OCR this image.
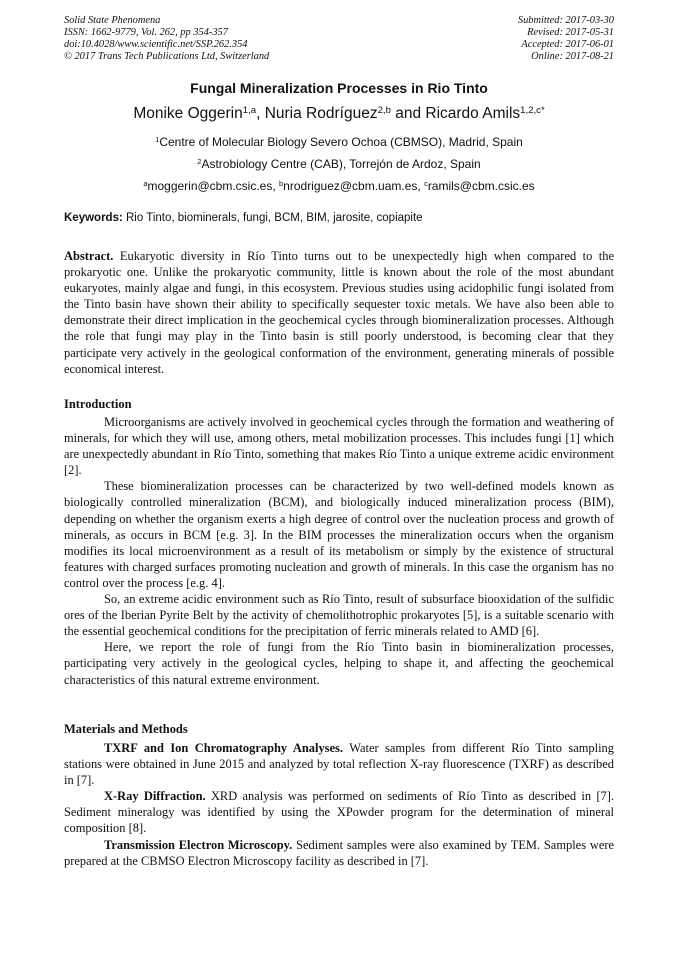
Solid State Phenomena
ISSN: 1662-9779, Vol. 262, pp 354-357
doi:10.4028/www.scientific.net/SSP.262.354
© 2017 Trans Tech Publications Ltd, Switzerland
Submitted: 2017-03-30
Revised: 2017-05-31
Accepted: 2017-06-01
Online: 2017-08-21
Fungal Mineralization Processes in Rio Tinto
Monike Oggerin$^{1,a}$, Nuria Rodríguez$^{2,b}$ and Ricardo Amils$^{1,2,c*}$
$^1$Centre of Molecular Biology Severo Ochoa (CBMSO), Madrid, Spain
$^2$Astrobiology Centre (CAB), Torrejón de Ardoz, Spain
$^a$moggerin@cbm.csic.es, $^b$nrodriguez@cbm.uam.es, $^c$ramils@cbm.csic.es
Keywords: Rio Tinto, biominerals, fungi, BCM, BIM, jarosite, copiapite

Abstract. Eukaryotic diversity in Río Tinto turns out to be unexpectedly high when compared to the prokaryotic one. Unlike the prokaryotic community, little is known about the role of the most abundant eukaryotes, mainly algae and fungi, in this ecosystem. Previous studies using acidophilic fungi isolated from the Tinto basin have shown their ability to specifically sequester toxic metals. We have also been able to demonstrate their direct implication in the geochemical cycles through biomineralization processes. Although the role that fungi may play in the Tinto basin is still poorly understood, is becoming clear that they participate very actively in the geological conformation of the environment, generating minerals of possible economical interest.

Introduction

Microorganisms are actively involved in geochemical cycles through the formation and weathering of minerals, for which they will use, among others, metal mobilization processes. This includes fungi [1] which are unexpectedly abundant in Río Tinto, something that makes Río Tinto a unique extreme acidic environment [2].

These biomineralization processes can be characterized by two well-defined models known as biologically controlled mineralization (BCM), and biologically induced mineralization process (BIM), depending on whether the organism exerts a high degree of control over the nucleation process and growth of minerals, as occurs in BCM [e.g. 3]. In the BIM processes the mineralization occurs when the organism modifies its local microenvironment as a result of its metabolism or simply by the existence of structural features with charged surfaces promoting nucleation and growth of minerals. In this case the organism has no control over the process [e.g. 4].

So, an extreme acidic environment such as Río Tinto, result of subsurface biooxidation of the sulfidic ores of the Iberian Pyrite Belt by the activity of chemolithotrophic prokaryotes [5], is a suitable scenario with the essential geochemical conditions for the precipitation of ferric minerals related to AMD [6].

Here, we report the role of fungi from the Río Tinto basin in biomineralization processes, participating very actively in the geological cycles, helping to shape it, and affecting the geochemical characteristics of this natural extreme environment.

Materials and Methods

TXRF and Ion Chromatography Analyses. Water samples from different Río Tinto sampling stations were obtained in June 2015 and analyzed by total reflection X-ray fluorescence (TXRF) as described in [7].

X-Ray Diffraction. XRD analysis was performed on sediments of Río Tinto as described in [7]. Sediment mineralogy was identified by using the XPowder program for the determination of mineral composition [8].

Transmission Electron Microscopy. Sediment samples were also examined by TEM. Samples were prepared at the CBMSO Electron Microscopy facility as described in [7].
